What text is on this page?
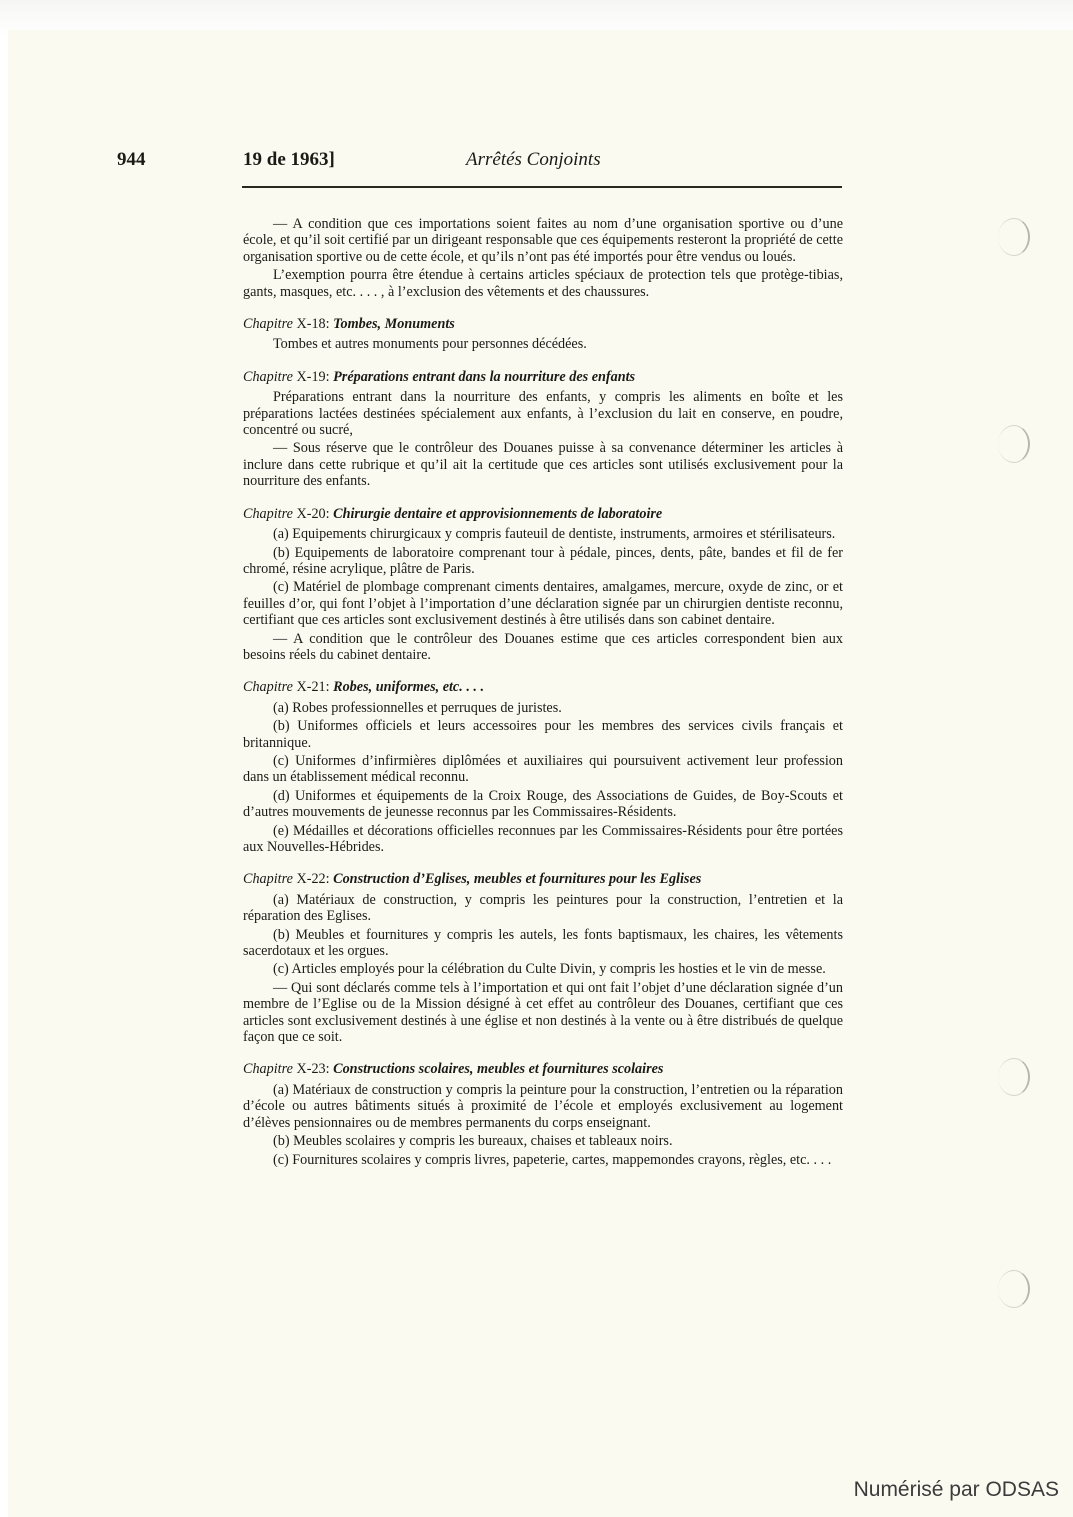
944	19 de 1963]	Arrêtés Conjoints

— A condition que ces importations soient faites au nom d’une organisation sportive ou d’une école, et qu’il soit certifié par un dirigeant responsable que ces équipements resteront la propriété de cette organisation sportive ou de cette école, et qu’ils n’ont pas été importés pour être vendus ou loués.

L’exemption pourra être étendue à certains articles spéciaux de protection tels que protège-tibias, gants, masques, etc. . . . , à l’exclusion des vêtements et des chaussures.

Chapitre X-18: Tombes, Monuments

Tombes et autres monuments pour personnes décédées.

Chapitre X-19: Préparations entrant dans la nourriture des enfants

Préparations entrant dans la nourriture des enfants, y compris les aliments en boîte et les préparations lactées destinées spécialement aux enfants, à l’exclusion du lait en conserve, en poudre, concentré ou sucré,

— Sous réserve que le contrôleur des Douanes puisse à sa convenance déterminer les articles à inclure dans cette rubrique et qu’il ait la certitude que ces articles sont utilisés exclusivement pour la nourriture des enfants.

Chapitre X-20: Chirurgie dentaire et approvisionnements de laboratoire

(a) Equipements chirurgicaux y compris fauteuil de dentiste, instruments, armoires et stérilisateurs.

(b) Equipements de laboratoire comprenant tour à pédale, pinces, dents, pâte, bandes et fil de fer chromé, résine acrylique, plâtre de Paris.

(c) Matériel de plombage comprenant ciments dentaires, amalgames, mercure, oxyde de zinc, or et feuilles d’or, qui font l’objet à l’importation d’une déclaration signée par un chirurgien dentiste reconnu, certifiant que ces articles sont exclusivement destinés à être utilisés dans son cabinet dentaire.

— A condition que le contrôleur des Douanes estime que ces articles correspondent bien aux besoins réels du cabinet dentaire.

Chapitre X-21: Robes, uniformes, etc. . . .

(a) Robes professionnelles et perruques de juristes.

(b) Uniformes officiels et leurs accessoires pour les membres des services civils français et britannique.

(c) Uniformes d’infirmières diplômées et auxiliaires qui poursuivent activement leur profession dans un établissement médical reconnu.

(d) Uniformes et équipements de la Croix Rouge, des Associations de Guides, de Boy-Scouts et d’autres mouvements de jeunesse reconnus par les Commissaires-Résidents.

(e) Médailles et décorations officielles reconnues par les Commissaires-Résidents pour être portées aux Nouvelles-Hébrides.

Chapitre X-22: Construction d’Eglises, meubles et fournitures pour les Eglises

(a) Matériaux de construction, y compris les peintures pour la construction, l’entretien et la réparation des Eglises.

(b) Meubles et fournitures y compris les autels, les fonts baptismaux, les chaires, les vêtements sacerdotaux et les orgues.

(c) Articles employés pour la célébration du Culte Divin, y compris les hosties et le vin de messe.

— Qui sont déclarés comme tels à l’importation et qui ont fait l’objet d’une déclaration signée d’un membre de l’Eglise ou de la Mission désigné à cet effet au contrôleur des Douanes, certifiant que ces articles sont exclusivement destinés à une église et non destinés à la vente ou à être distribués de quelque façon que ce soit.

Chapitre X-23: Constructions scolaires, meubles et fournitures scolaires

(a) Matériaux de construction y compris la peinture pour la construction, l’entretien ou la réparation d’école ou autres bâtiments situés à proximité de l’école et employés exclusivement au logement d’élèves pensionnaires ou de membres permanents du corps enseignant.

(b) Meubles scolaires y compris les bureaux, chaises et tableaux noirs.

(c) Fournitures scolaires y compris livres, papeterie, cartes, mappemondes crayons, règles, etc. . . .

Numérisé par ODSAS
